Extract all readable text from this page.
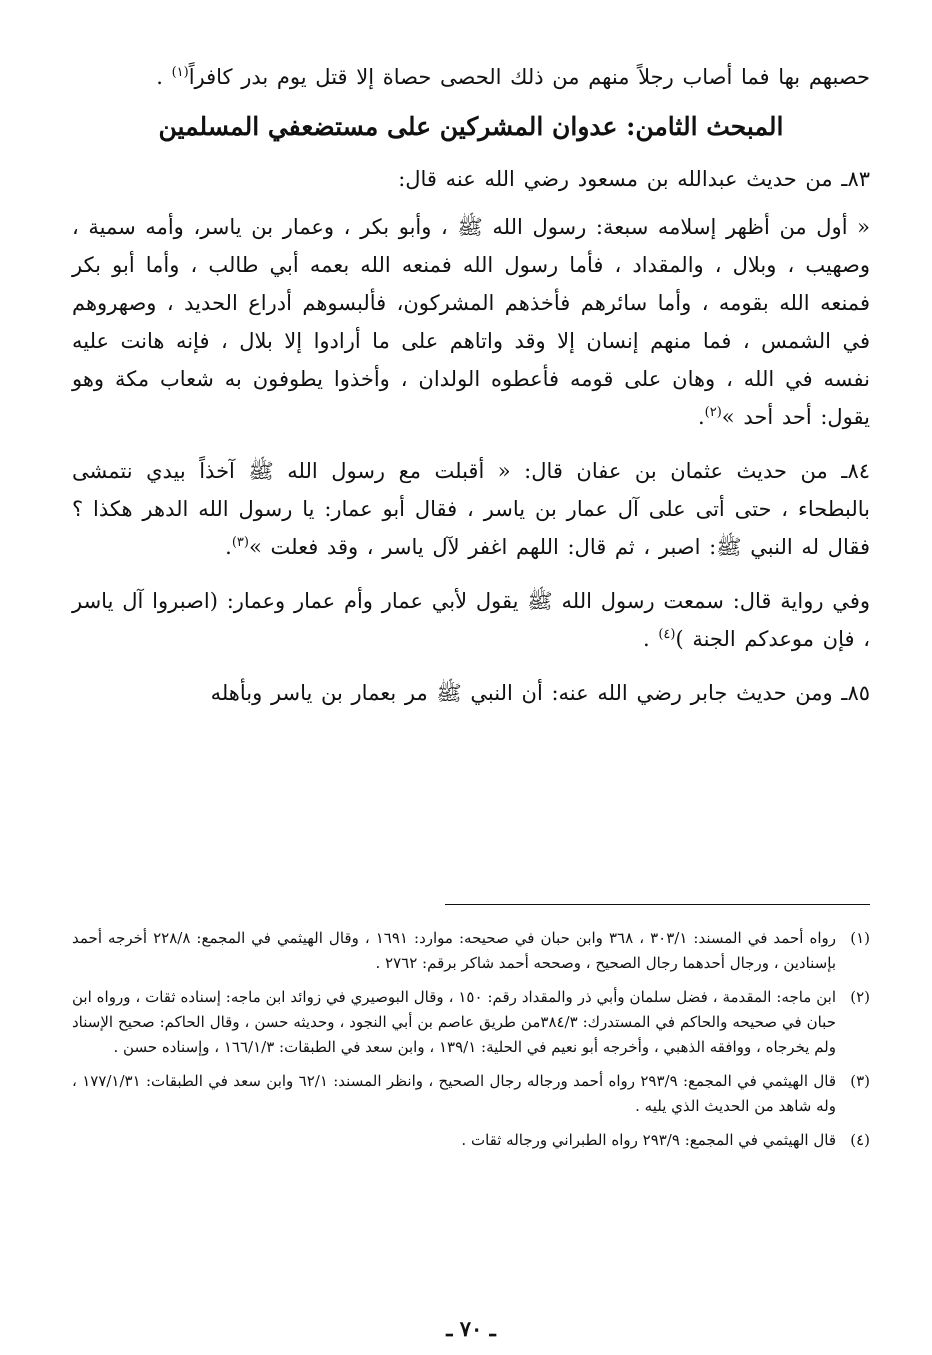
حصبهم بها فما أصاب رجلاً منهم من ذلك الحصى حصاة إلا قتل يوم بدر كافراً$^{(١)}$ .

المبحث الثامن: عدوان المشركين على مستضعفي المسلمين

٨٣ـ من حديث عبدالله بن مسعود رضي الله عنه قال:

« أول من أظهر إسلامه سبعة: رسول الله ﷺ ، وأبو بكر ، وعمار بن ياسر، وأمه سمية ، وصهيب ، وبلال ، والمقداد ، فأما رسول الله فمنعه الله بعمه أبي طالب ، وأما أبو بكر فمنعه الله بقومه ، وأما سائرهم فأخذهم المشركون، فألبسوهم أدراع الحديد ، وصهروهم في الشمس ، فما منهم إنسان إلا وقد واتاهم على ما أرادوا إلا بلال ، فإنه هانت عليه نفسه في الله ، وهان على قومه فأعطوه الولدان ، وأخذوا يطوفون به شعاب مكة وهو يقول: أحد أحد »$^{(٢)}$.

٨٤ـ من حديث عثمان بن عفان قال: « أقبلت مع رسول الله ﷺ آخذاً بيدي نتمشى بالبطحاء ، حتى أتى على آل عمار بن ياسر ، فقال أبو عمار: يا رسول الله الدهر هكذا ؟ فقال له النبي ﷺ: اصبر ، ثم قال: اللهم اغفر لآل ياسر ، وقد فعلت »$^{(٣)}$.

وفي رواية قال: سمعت رسول الله ﷺ يقول لأبي عمار وأم عمار وعمار: (اصبروا آل ياسر ، فإن موعدكم الجنة )$^{(٤)}$ .

٨٥ـ ومن حديث جابر رضي الله عنه: أن النبي ﷺ مر بعمار بن ياسر وبأهله

(١)
رواه أحمد في المسند: ٣٠٣/١ ، ٣٦٨ وابن حبان في صحيحه: موارد: ١٦٩١ ، وقال الهيثمي في المجمع: ٢٢٨/٨ أخرجه أحمد بإسنادين ، ورجال أحدهما رجال الصحيح ، وصححه أحمد شاكر برقم: ٢٧٦٢ .
(٢)
ابن ماجه: المقدمة ، فضل سلمان وأبي ذر والمقداد رقم: ١٥٠ ، وقال البوصيري في زوائد ابن ماجه: إسناده ثقات ، ورواه ابن حبان في صحيحه والحاكم في المستدرك: ٣٨٤/٣من طريق عاصم بن أبي النجود ، وحديثه حسن ، وقال الحاكم: صحيح الإسناد ولم يخرجاه ، ووافقه الذهبي ، وأخرجه أبو نعيم في الحلية: ١٣٩/١ ، وابن سعد في الطبقات: ١٦٦/١/٣ ، وإسناده حسن .
(٣)
قال الهيثمي في المجمع: ٢٩٣/٩ رواه أحمد ورجاله رجال الصحيح ، وانظر المسند: ٦٢/١ وابن سعد في الطبقات: ١٧٧/١/٣١ ، وله شاهد من الحديث الذي يليه .
(٤)
قال الهيثمي في المجمع: ٢٩٣/٩ رواه الطبراني ورجاله ثقات .
ـ ٧٠ ـ
